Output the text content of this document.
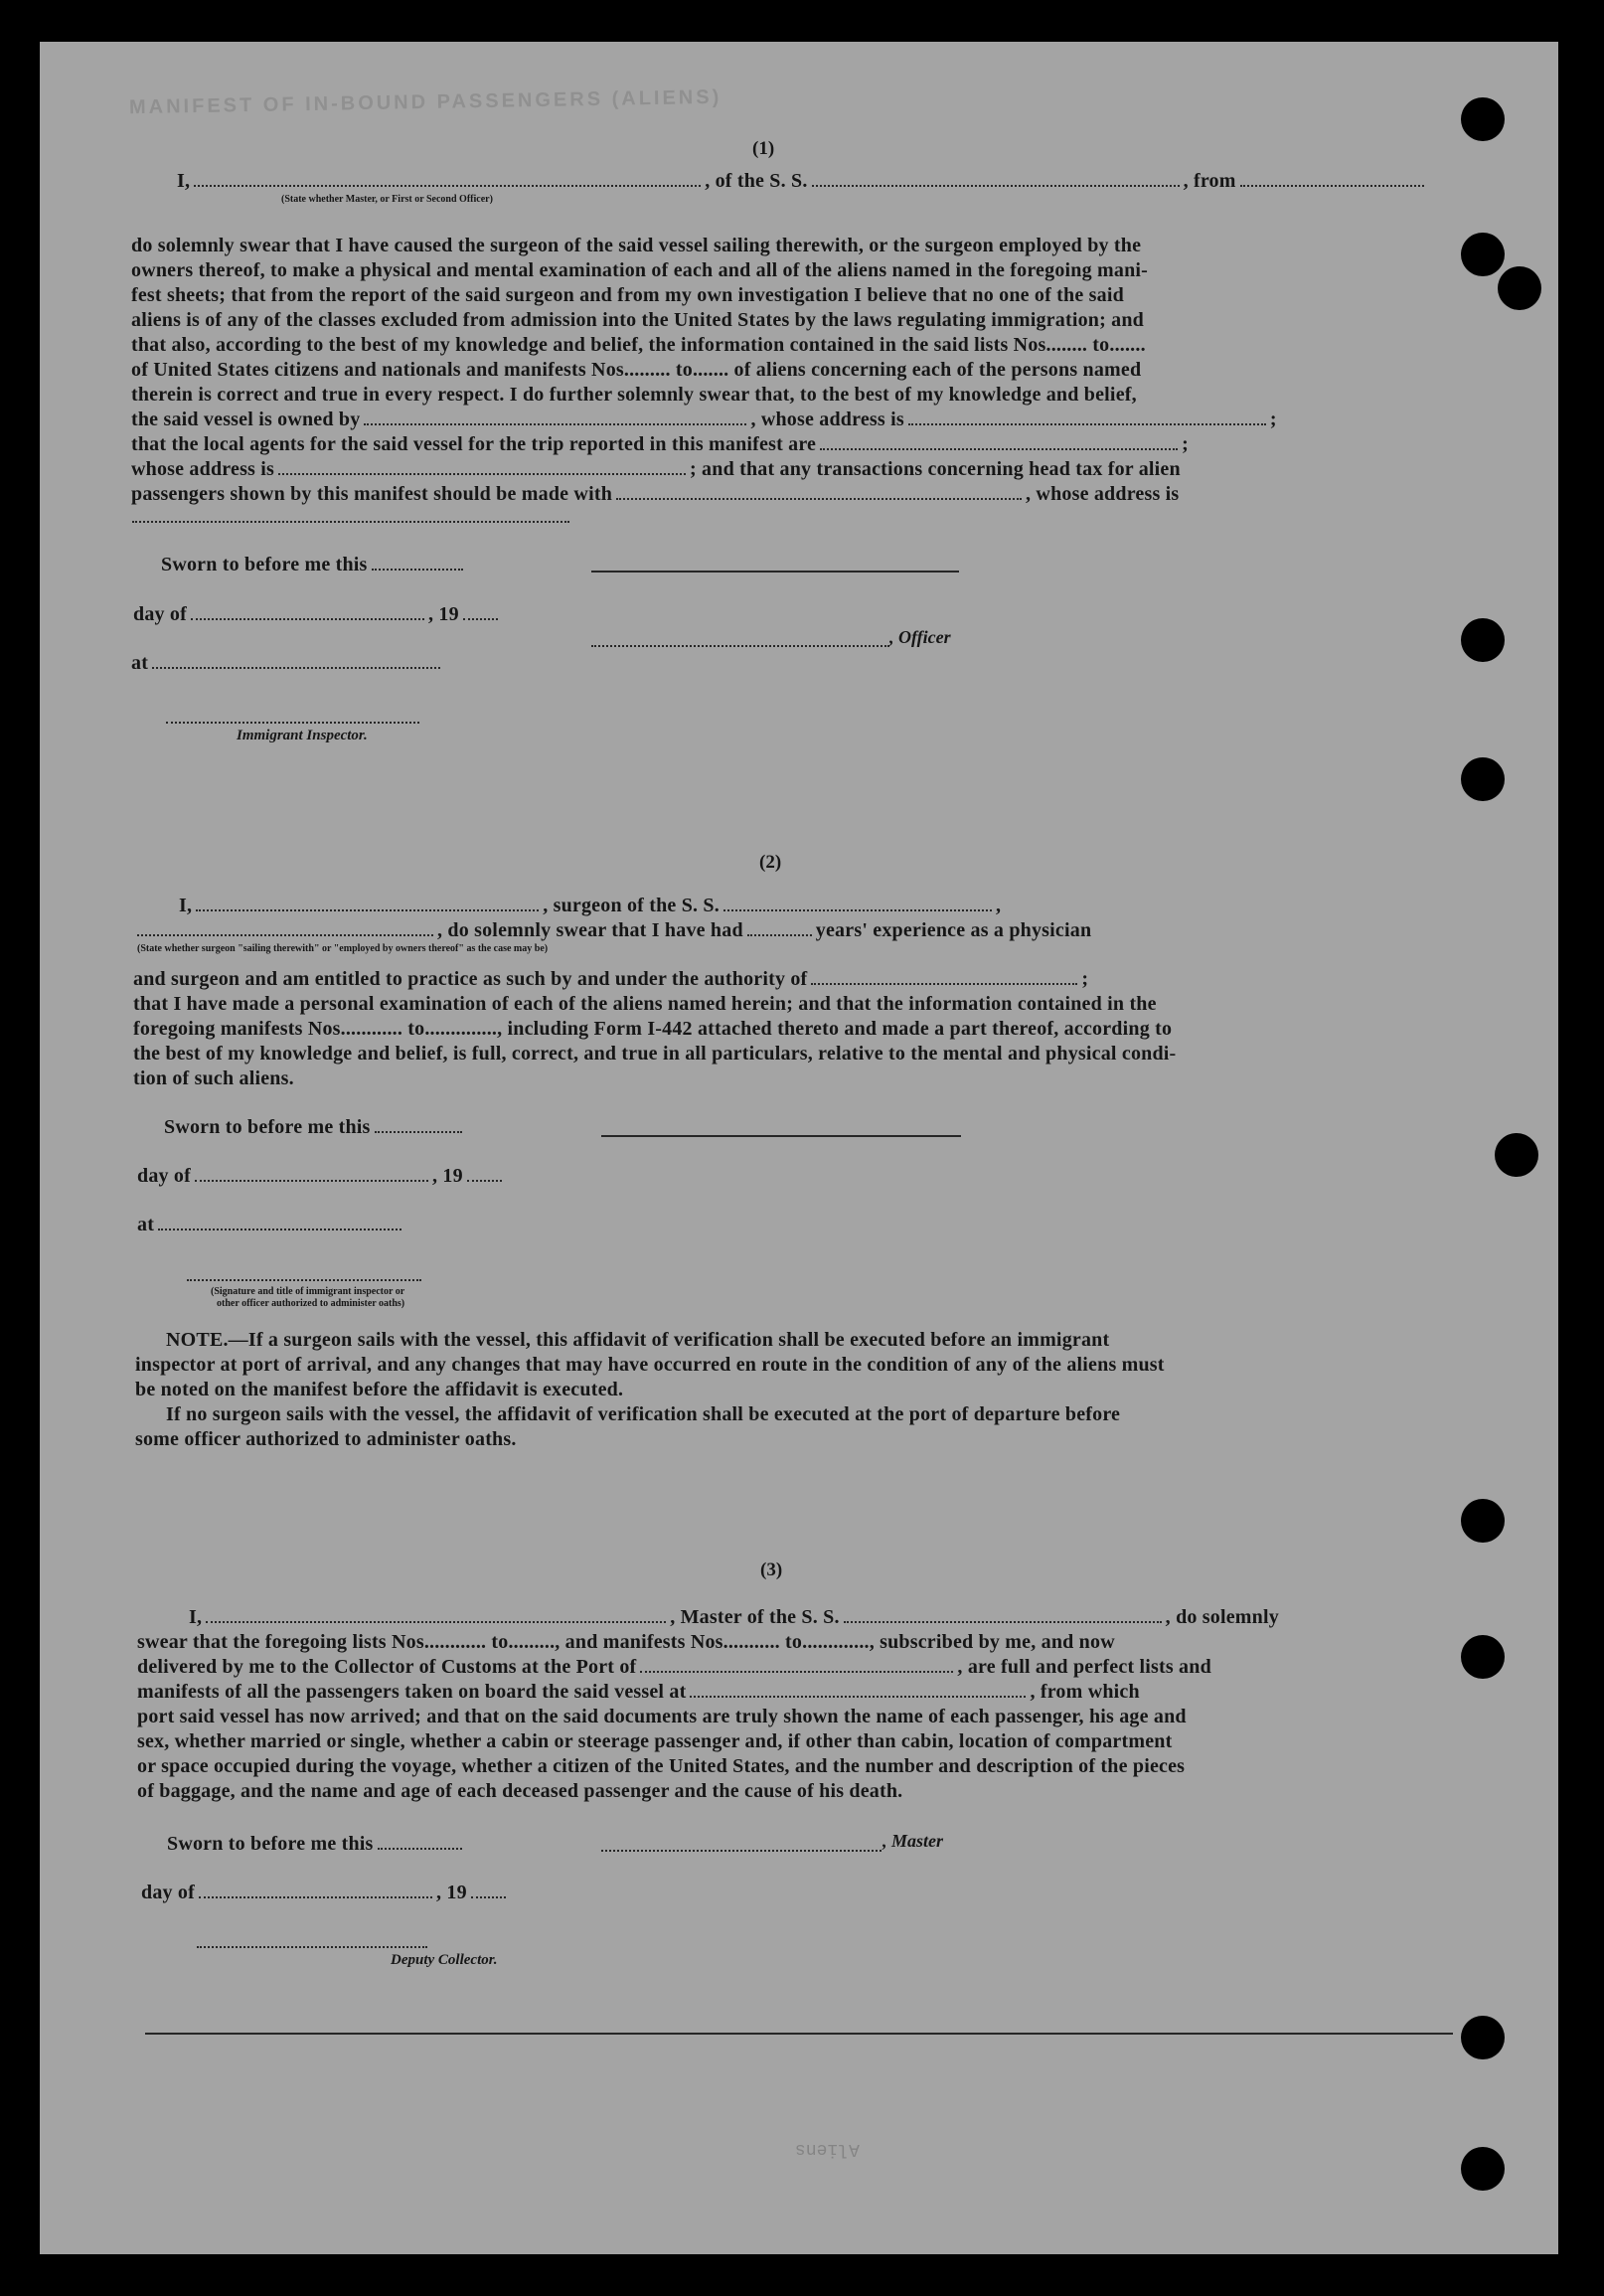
MANIFEST OF IN-BOUND PASSENGERS (ALIENS)
Aliens
(1)
I,	, of the S. S.	, from
(State whether Master, or First or Second Officer)
do solemnly swear that I have caused the surgeon of the said vessel sailing therewith, or the surgeon employed by the
owners thereof, to make a physical and mental examination of each and all of the aliens named in the foregoing mani-
fest sheets; that from the report of the said surgeon and from my own investigation I believe that no one of the said
aliens is of any of the classes excluded from admission into the United States by the laws regulating immigration; and
that also, according to the best of my knowledge and belief, the information contained in the said lists Nos........ to.......
of United States citizens and nationals and manifests Nos......... to....... of aliens concerning each of the persons named
therein is correct and true in every respect. I do further solemnly swear that, to the best of my knowledge and belief,
the said vessel is owned by	, whose address is	;
that the local agents for the said vessel for the trip reported in this manifest are	;
whose address is	; and that any transactions concerning head tax for alien
passengers shown by this manifest should be made with	, whose address is
Sworn to before me this
day of	, 19
at
, Officer
Immigrant Inspector.
(2)
I,	, surgeon of the S. S.	,
, do solemnly swear that I have had	years' experience as a physician
(State whether surgeon "sailing therewith" or "employed by owners thereof" as the case may be)
and surgeon and am entitled to practice as such by and under the authority of	;
that I have made a personal examination of each of the aliens named herein; and that the information contained in the
foregoing manifests Nos............ to.............., including Form I-442 attached thereto and made a part thereof, according to
the best of my knowledge and belief, is full, correct, and true in all particulars, relative to the mental and physical condi-
tion of such aliens.
Sworn to before me this
day of	, 19
at
(Signature and title of immigrant inspector or
other officer authorized to administer oaths)
NOTE.—If a surgeon sails with the vessel, this affidavit of verification shall be executed before an immigrant
inspector at port of arrival, and any changes that may have occurred en route in the condition of any of the aliens must
be noted on the manifest before the affidavit is executed.
If no surgeon sails with the vessel, the affidavit of verification shall be executed at the port of departure before
some officer authorized to administer oaths.
(3)
I,	, Master of the S. S.	, do solemnly
swear that the foregoing lists Nos............ to........., and manifests Nos........... to............., subscribed by me, and now
delivered by me to the Collector of Customs at the Port of	, are full and perfect lists and
manifests of all the passengers taken on board the said vessel at	, from which
port said vessel has now arrived; and that on the said documents are truly shown the name of each passenger, his age and
sex, whether married or single, whether a cabin or steerage passenger and, if other than cabin, location of compartment
or space occupied during the voyage, whether a citizen of the United States, and the number and description of the pieces
of baggage, and the name and age of each deceased passenger and the cause of his death.
Sworn to before me this	, Master
day of	, 19
Deputy Collector.
